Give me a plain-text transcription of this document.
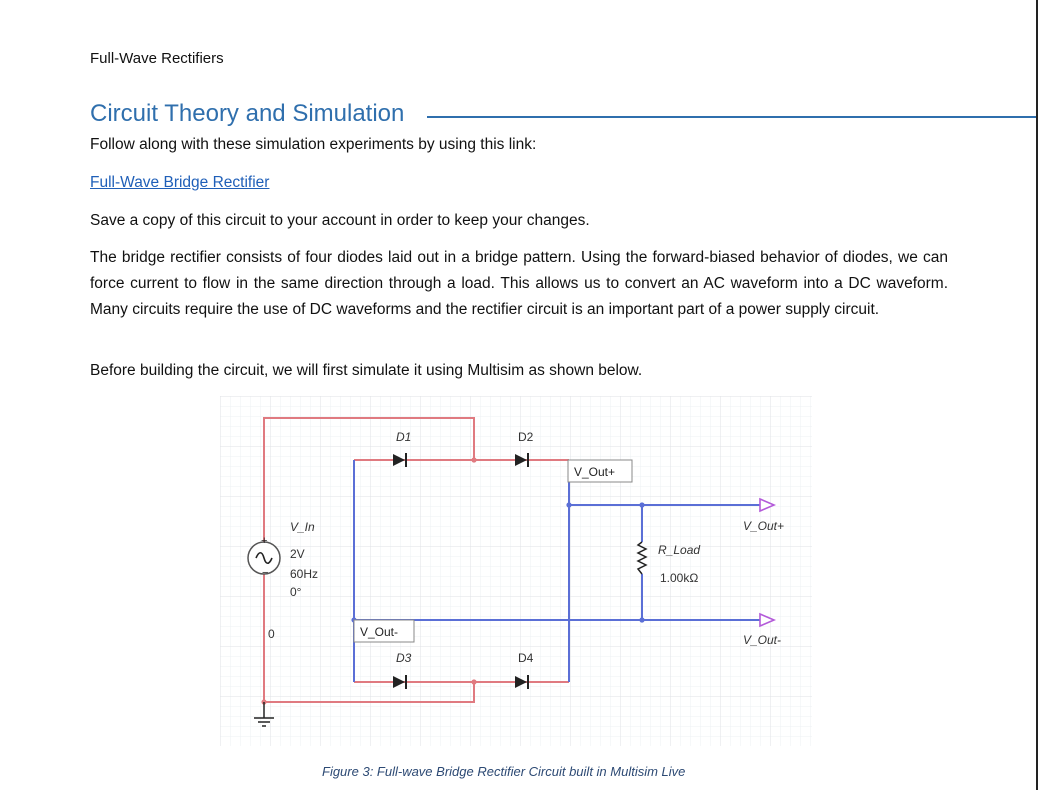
Full-Wave Rectifiers
Circuit Theory and Simulation
Follow along with these simulation experiments by using this link:
Full-Wave Bridge Rectifier
Save a copy of this circuit to your account in order to keep your changes.
The bridge rectifier consists of four diodes laid out in a bridge pattern. Using the forward-biased behavior of diodes, we can force current to flow in the same direction through a load. This allows us to convert an AC waveform into a DC waveform. Many circuits require the use of DC waveforms and the rectifier circuit is an important part of a power supply circuit.
Before building the circuit, we will first simulate it using Multisim as shown below.
+
−
D1	D2
D3	D4
V_Out+
V_Out-
V_In
2V
60Hz
0°
0
R_Load
1.00kΩ
V_Out+
V_Out-
Figure 3: Full-wave Bridge Rectifier Circuit built in Multisim Live
